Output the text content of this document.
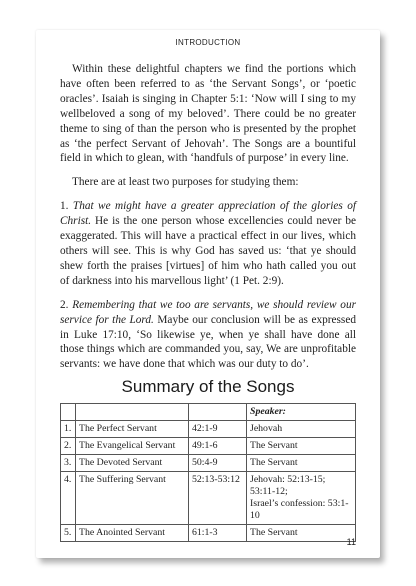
INTRODUCTION

Within these delightful chapters we find the portions which have often been referred to as ‘the Servant Songs’, or ‘poetic oracles’. Isaiah is singing in Chapter 5:1: ‘Now will I sing to my wellbeloved a song of my beloved’. There could be no greater theme to sing of than the person who is presented by the prophet as ‘the perfect Servant of Jehovah’. The Songs are a bountiful field in which to glean, with ‘handfuls of purpose’ in every line.

There are at least two purposes for studying them:

1. That we might have a greater appreciation of the glories of Christ. He is the one person whose excellencies could never be exaggerated. This will have a practical effect in our lives, which others will see. This is why God has saved us: ‘that ye should shew forth the praises [virtues] of him who hath called you out of darkness into his marvellous light’ (1 Pet. 2:9).

2. Remembering that we too are servants, we should review our service for the Lord. Maybe our conclusion will be as expressed in Luke 17:10, ‘So likewise ye, when ye shall have done all those things which are commanded you, say, We are unprofitable servants: we have done that which was our duty to do’.

Summary of the Songs
			Speaker:
1.	The Perfect Servant	42:1-9	Jehovah
2.	The Evangelical Servant	49:1-6	The Servant
3.	The Devoted Servant	50:4-9	The Servant
4.	The Suffering Servant	52:13-53:12	Jehovah: 52:13-15;
53:11-12;
Israel’s confession: 53:1-10

5.	The Anointed Servant	61:1-3	The Servant
11
